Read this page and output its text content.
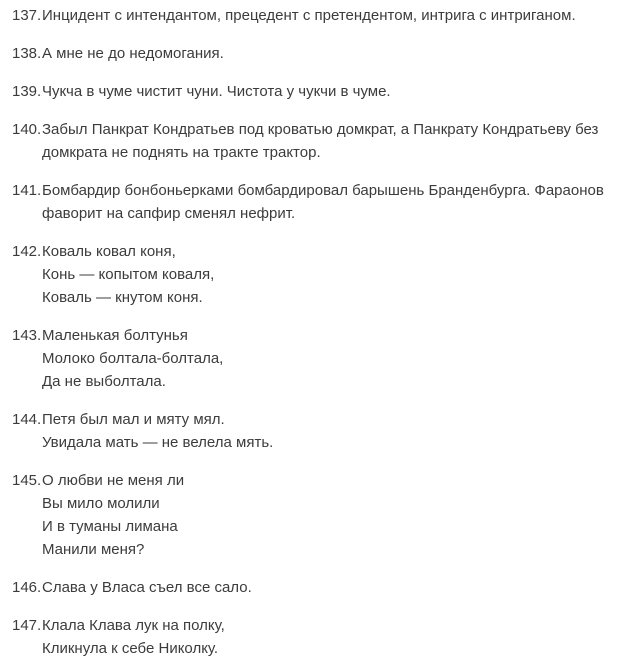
137. Инцидент с интендантом, прецедент с претендентом, интрига с интриганом.
138. А мне не до недомогания.
139. Чукча в чуме чистит чуни. Чистота у чукчи в чуме.
140. Забыл Панкрат Кондратьев под кроватью домкрат, а Панкрату Кондратьеву без
домкрата не поднять на тракте трактор.
141. Бомбардир бонбоньерками бомбардировал барышень Бранденбурга. Фараонов
фаворит на сапфир сменял нефрит.
142. Коваль ковал коня,
Конь — копытом коваля,
Коваль — кнутом коня.
143. Маленькая болтунья
Молоко болтала-болтала,
Да не выболтала.
144. Петя был мал и мяту мял.
Увидала мать — не велела мять.
145. О любви не меня ли
Вы мило молили
И в туманы лимана
Манили меня?
146. Слава у Власа съел все сало.
147. Клала Клава лук на полку,
Кликнула к себе Николку.
